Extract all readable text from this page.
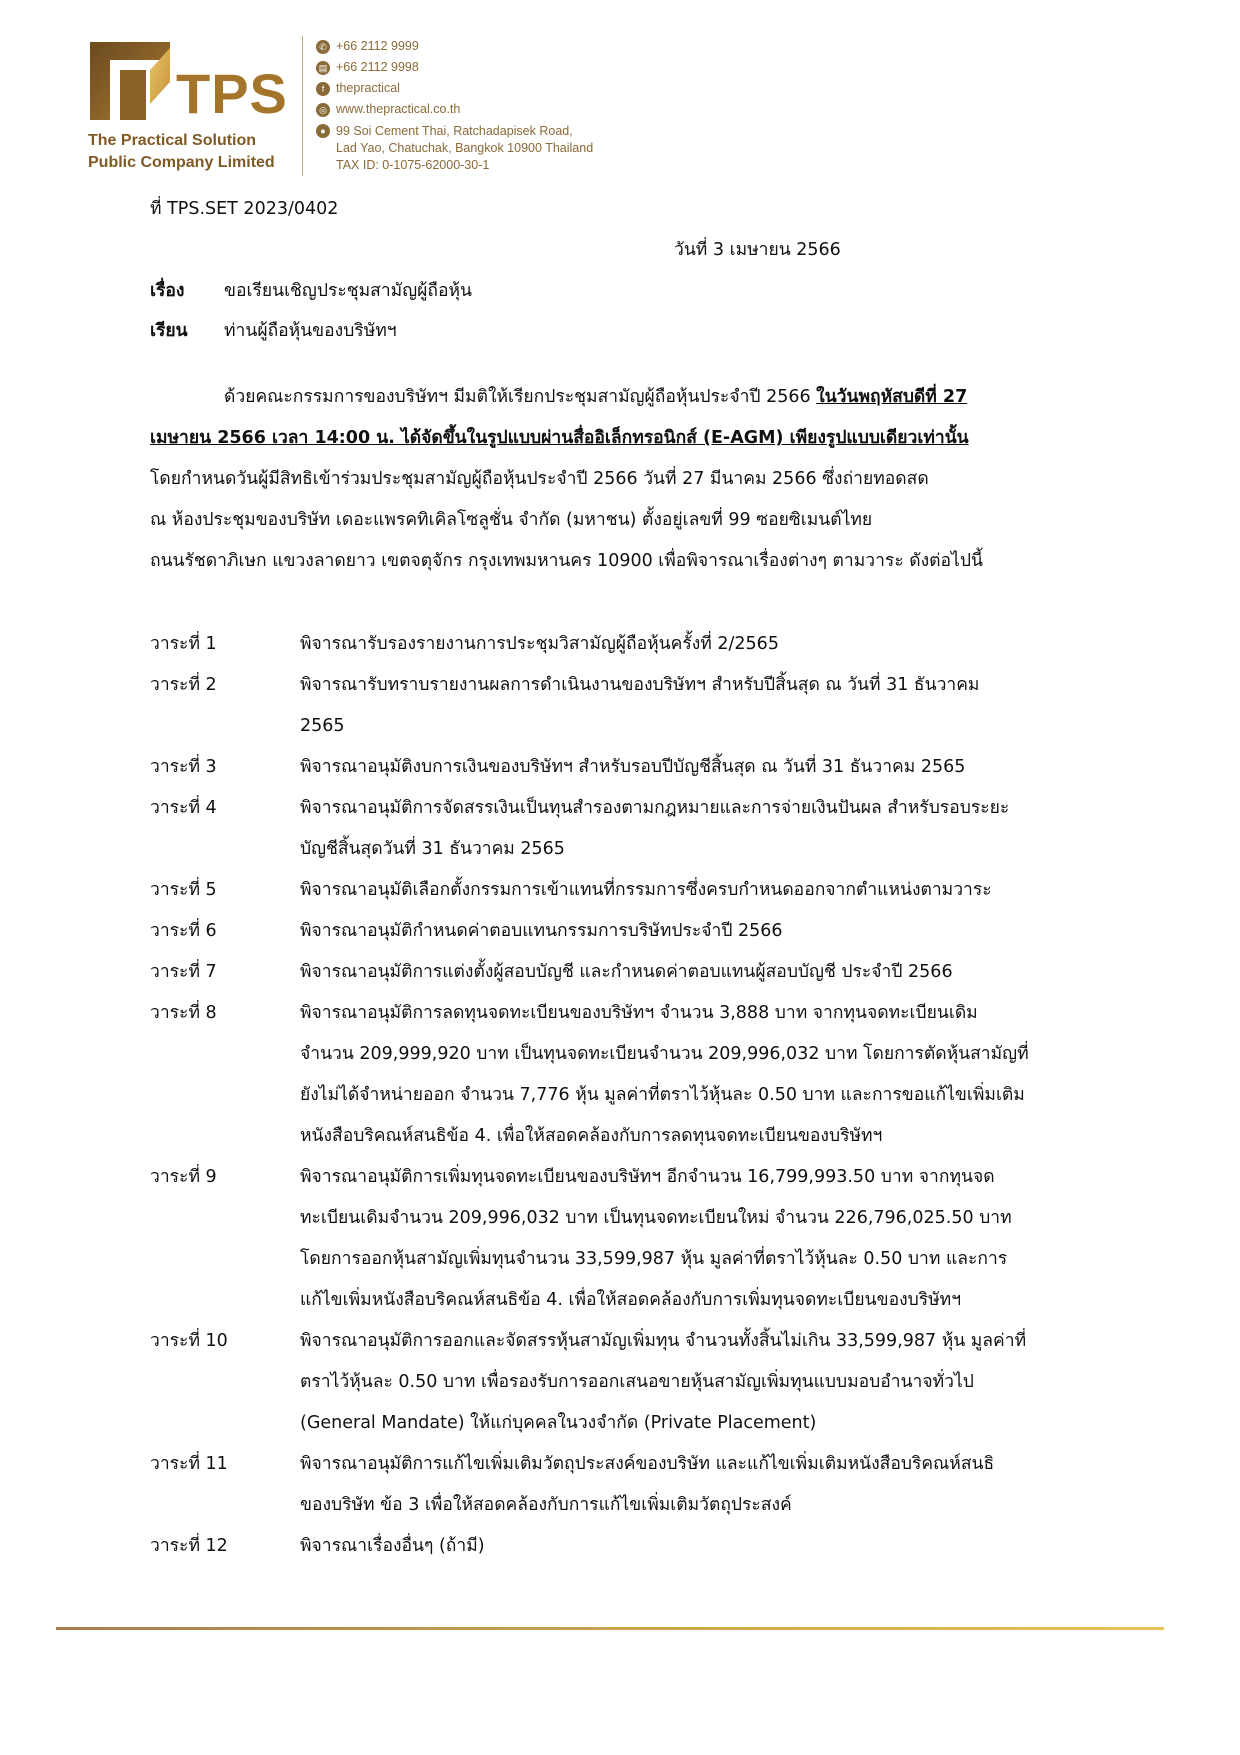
TPS
The Practical Solution
Public Company Limited
✆ +66 2112 9999
▤ +66 2112 9998
f thepractical
◎ www.thepractical.co.th
● 99 Soi Cement Thai, Ratchadapisek Road,
Lad Yao, Chatuchak, Bangkok 10900 Thailand
TAX ID: 0-1075-62000-30-1
ที่ TPS.SET 2023/0402
วันที่ 3 เมษายน 2566
เรื่อง ขอเรียนเชิญประชุมสามัญผู้ถือหุ้น
เรียน ท่านผู้ถือหุ้นของบริษัทฯ
ด้วยคณะกรรมการของบริษัทฯ มีมติให้เรียกประชุมสามัญผู้ถือหุ้นประจำปี 2566 ในวันพฤหัสบดีที่ 27
เมษายน 2566 เวลา 14:00 น. ได้จัดขึ้นในรูปแบบผ่านสื่ออิเล็กทรอนิกส์ (E-AGM) เพียงรูปแบบเดียวเท่านั้น
โดยกำหนดวันผู้มีสิทธิเข้าร่วมประชุมสามัญผู้ถือหุ้นประจำปี 2566 วันที่ 27 มีนาคม 2566 ซึ่งถ่ายทอดสด
ณ ห้องประชุมของบริษัท เดอะแพรคทิเคิลโซลูชั่น จำกัด (มหาชน) ตั้งอยู่เลขที่ 99 ซอยซิเมนต์ไทย
ถนนรัชดาภิเษก แขวงลาดยาว เขตจตุจักร กรุงเทพมหานคร 10900 เพื่อพิจารณาเรื่องต่างๆ ตามวาระ ดังต่อไปนี้
วาระที่ 1	พิจารณารับรองรายงานการประชุมวิสามัญผู้ถือหุ้นครั้งที่ 2/2565
วาระที่ 2	พิจารณารับทราบรายงานผลการดำเนินงานของบริษัทฯ สำหรับปีสิ้นสุด ณ วันที่ 31 ธันวาคม
2565
วาระที่ 3	พิจารณาอนุมัติงบการเงินของบริษัทฯ สำหรับรอบปีบัญชีสิ้นสุด ณ วันที่ 31 ธันวาคม 2565
วาระที่ 4	พิจารณาอนุมัติการจัดสรรเงินเป็นทุนสำรองตามกฎหมายและการจ่ายเงินปันผล สำหรับรอบระยะ
บัญชีสิ้นสุดวันที่ 31 ธันวาคม 2565
วาระที่ 5	พิจารณาอนุมัติเลือกตั้งกรรมการเข้าแทนที่กรรมการซึ่งครบกำหนดออกจากตำแหน่งตามวาระ
วาระที่ 6	พิจารณาอนุมัติกำหนดค่าตอบแทนกรรมการบริษัทประจำปี 2566
วาระที่ 7	พิจารณาอนุมัติการแต่งตั้งผู้สอบบัญชี และกำหนดค่าตอบแทนผู้สอบบัญชี ประจำปี 2566
วาระที่ 8	พิจารณาอนุมัติการลดทุนจดทะเบียนของบริษัทฯ จำนวน 3,888 บาท จากทุนจดทะเบียนเดิม
จำนวน 209,999,920 บาท เป็นทุนจดทะเบียนจำนวน 209,996,032 บาท โดยการตัดหุ้นสามัญที่
ยังไม่ได้จำหน่ายออก จำนวน 7,776 หุ้น มูลค่าที่ตราไว้หุ้นละ 0.50 บาท และการขอแก้ไขเพิ่มเติม
หนังสือบริคณห์สนธิข้อ 4. เพื่อให้สอดคล้องกับการลดทุนจดทะเบียนของบริษัทฯ
วาระที่ 9	พิจารณาอนุมัติการเพิ่มทุนจดทะเบียนของบริษัทฯ อีกจำนวน 16,799,993.50 บาท จากทุนจด
ทะเบียนเดิมจำนวน 209,996,032 บาท เป็นทุนจดทะเบียนใหม่ จำนวน 226,796,025.50 บาท
โดยการออกหุ้นสามัญเพิ่มทุนจำนวน 33,599,987 หุ้น มูลค่าที่ตราไว้หุ้นละ 0.50 บาท และการ
แก้ไขเพิ่มหนังสือบริคณห์สนธิข้อ 4. เพื่อให้สอดคล้องกับการเพิ่มทุนจดทะเบียนของบริษัทฯ
วาระที่ 10	พิจารณาอนุมัติการออกและจัดสรรหุ้นสามัญเพิ่มทุน จำนวนทั้งสิ้นไม่เกิน 33,599,987 หุ้น มูลค่าที่
ตราไว้หุ้นละ 0.50 บาท เพื่อรองรับการออกเสนอขายหุ้นสามัญเพิ่มทุนแบบมอบอำนาจทั่วไป
(General Mandate) ให้แก่บุคคลในวงจำกัด (Private Placement)
วาระที่ 11	พิจารณาอนุมัติการแก้ไขเพิ่มเติมวัตถุประสงค์ของบริษัท และแก้ไขเพิ่มเติมหนังสือบริคณห์สนธิ
ของบริษัท ข้อ 3 เพื่อให้สอดคล้องกับการแก้ไขเพิ่มเติมวัตถุประสงค์
วาระที่ 12	พิจารณาเรื่องอื่นๆ (ถ้ามี)
